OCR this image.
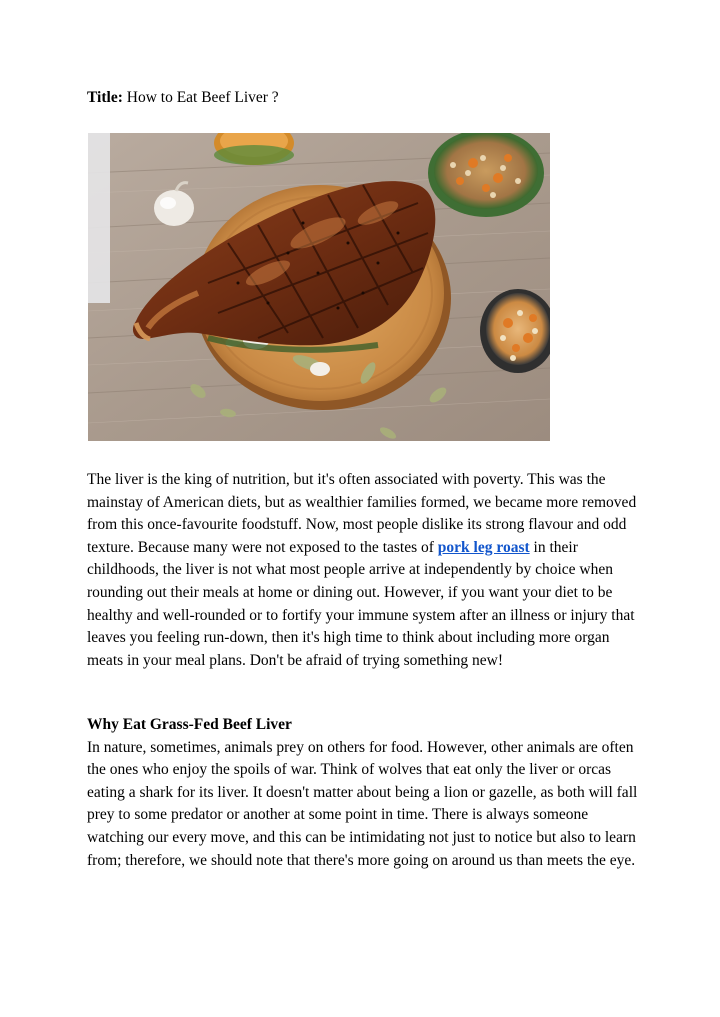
Title: How to Eat Beef Liver ?
The liver is the king of nutrition, but it's often associated with poverty. This was the mainstay of American diets, but as wealthier families formed, we became more removed from this once-favourite foodstuff. Now, most people dislike its strong flavour and odd texture. Because many were not exposed to the tastes of pork leg roast in their childhoods, the liver is not what most people arrive at independently by choice when rounding out their meals at home or dining out. However, if you want your diet to be healthy and well-rounded or to fortify your immune system after an illness or injury that leaves you feeling run-down, then it's high time to think about including more organ meats in your meal plans. Don't be afraid of trying something new!
Why Eat Grass-Fed Beef Liver
In nature, sometimes, animals prey on others for food. However, other animals are often the ones who enjoy the spoils of war. Think of wolves that eat only the liver or orcas eating a shark for its liver. It doesn't matter about being a lion or gazelle, as both will fall prey to some predator or another at some point in time. There is always someone watching our every move, and this can be intimidating not just to notice but also to learn from; therefore, we should note that there's more going on around us than meets the eye.
